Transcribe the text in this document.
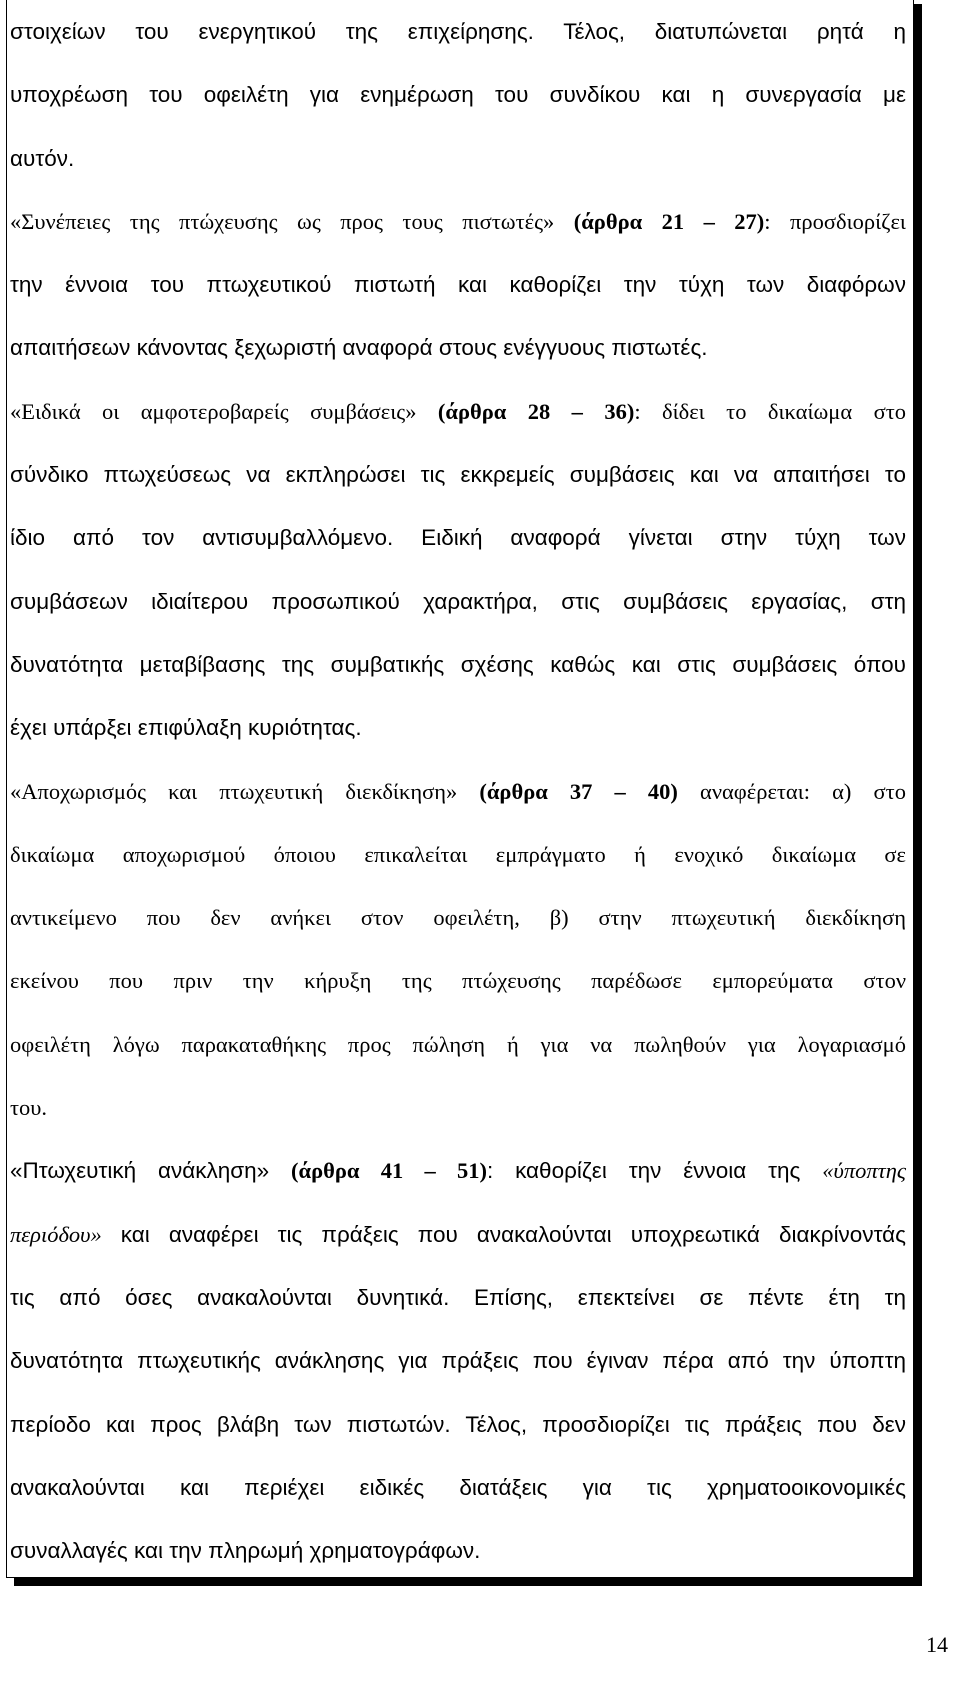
στοιχείων του ενεργητικού της επιχείρησης. Τέλος, διατυπώνεται ρητά η
υποχρέωση του οφειλέτη για ενημέρωση του συνδίκου και η συνεργασία με
αυτόν.
«Συνέπειες της πτώχευσης ως προς τους πιστωτές» (άρθρα 21 – 27): προσδιορίζει
την έννοια του πτωχευτικού πιστωτή και καθορίζει την τύχη των διαφόρων
απαιτήσεων κάνοντας ξεχωριστή αναφορά στους ενέγγυους πιστωτές.
«Ειδικά οι αμφοτεροβαρείς συμβάσεις» (άρθρα 28 – 36): δίδει το δικαίωμα στο
σύνδικο πτωχεύσεως να εκπληρώσει τις εκκρεμείς συμβάσεις και να απαιτήσει το
ίδιο από τον αντισυμβαλλόμενο. Ειδική αναφορά γίνεται στην τύχη των
συμβάσεων ιδιαίτερου προσωπικού χαρακτήρα, στις συμβάσεις εργασίας, στη
δυνατότητα μεταβίβασης της συμβατικής σχέσης καθώς και στις συμβάσεις όπου
έχει υπάρξει επιφύλαξη κυριότητας.
«Αποχωρισμός και πτωχευτική διεκδίκηση» (άρθρα 37 – 40) αναφέρεται: α) στο
δικαίωμα αποχωρισμού όποιου επικαλείται εμπράγματο ή ενοχικό δικαίωμα σε
αντικείμενο που δεν ανήκει στον οφειλέτη, β) στην πτωχευτική διεκδίκηση
εκείνου που πριν την κήρυξη της πτώχευσης παρέδωσε εμπορεύματα στον
οφειλέτη λόγω παρακαταθήκης προς πώληση ή για να πωληθούν για λογαριασμό
του.
«Πτωχευτική ανάκληση» (άρθρα 41 – 51): καθορίζει την έννοια της «ύποπτης
περιόδου» και αναφέρει τις πράξεις που ανακαλούνται υποχρεωτικά διακρίνοντάς
τις από όσες ανακαλούνται δυνητικά. Επίσης, επεκτείνει σε πέντε έτη τη
δυνατότητα πτωχευτικής ανάκλησης για πράξεις που έγιναν πέρα από την ύποπτη
περίοδο και προς βλάβη των πιστωτών. Τέλος, προσδιορίζει τις πράξεις που δεν
ανακαλούνται και περιέχει ειδικές διατάξεις για τις χρηματοοικονομικές
συναλλαγές και την πληρωμή χρηματογράφων.
14
